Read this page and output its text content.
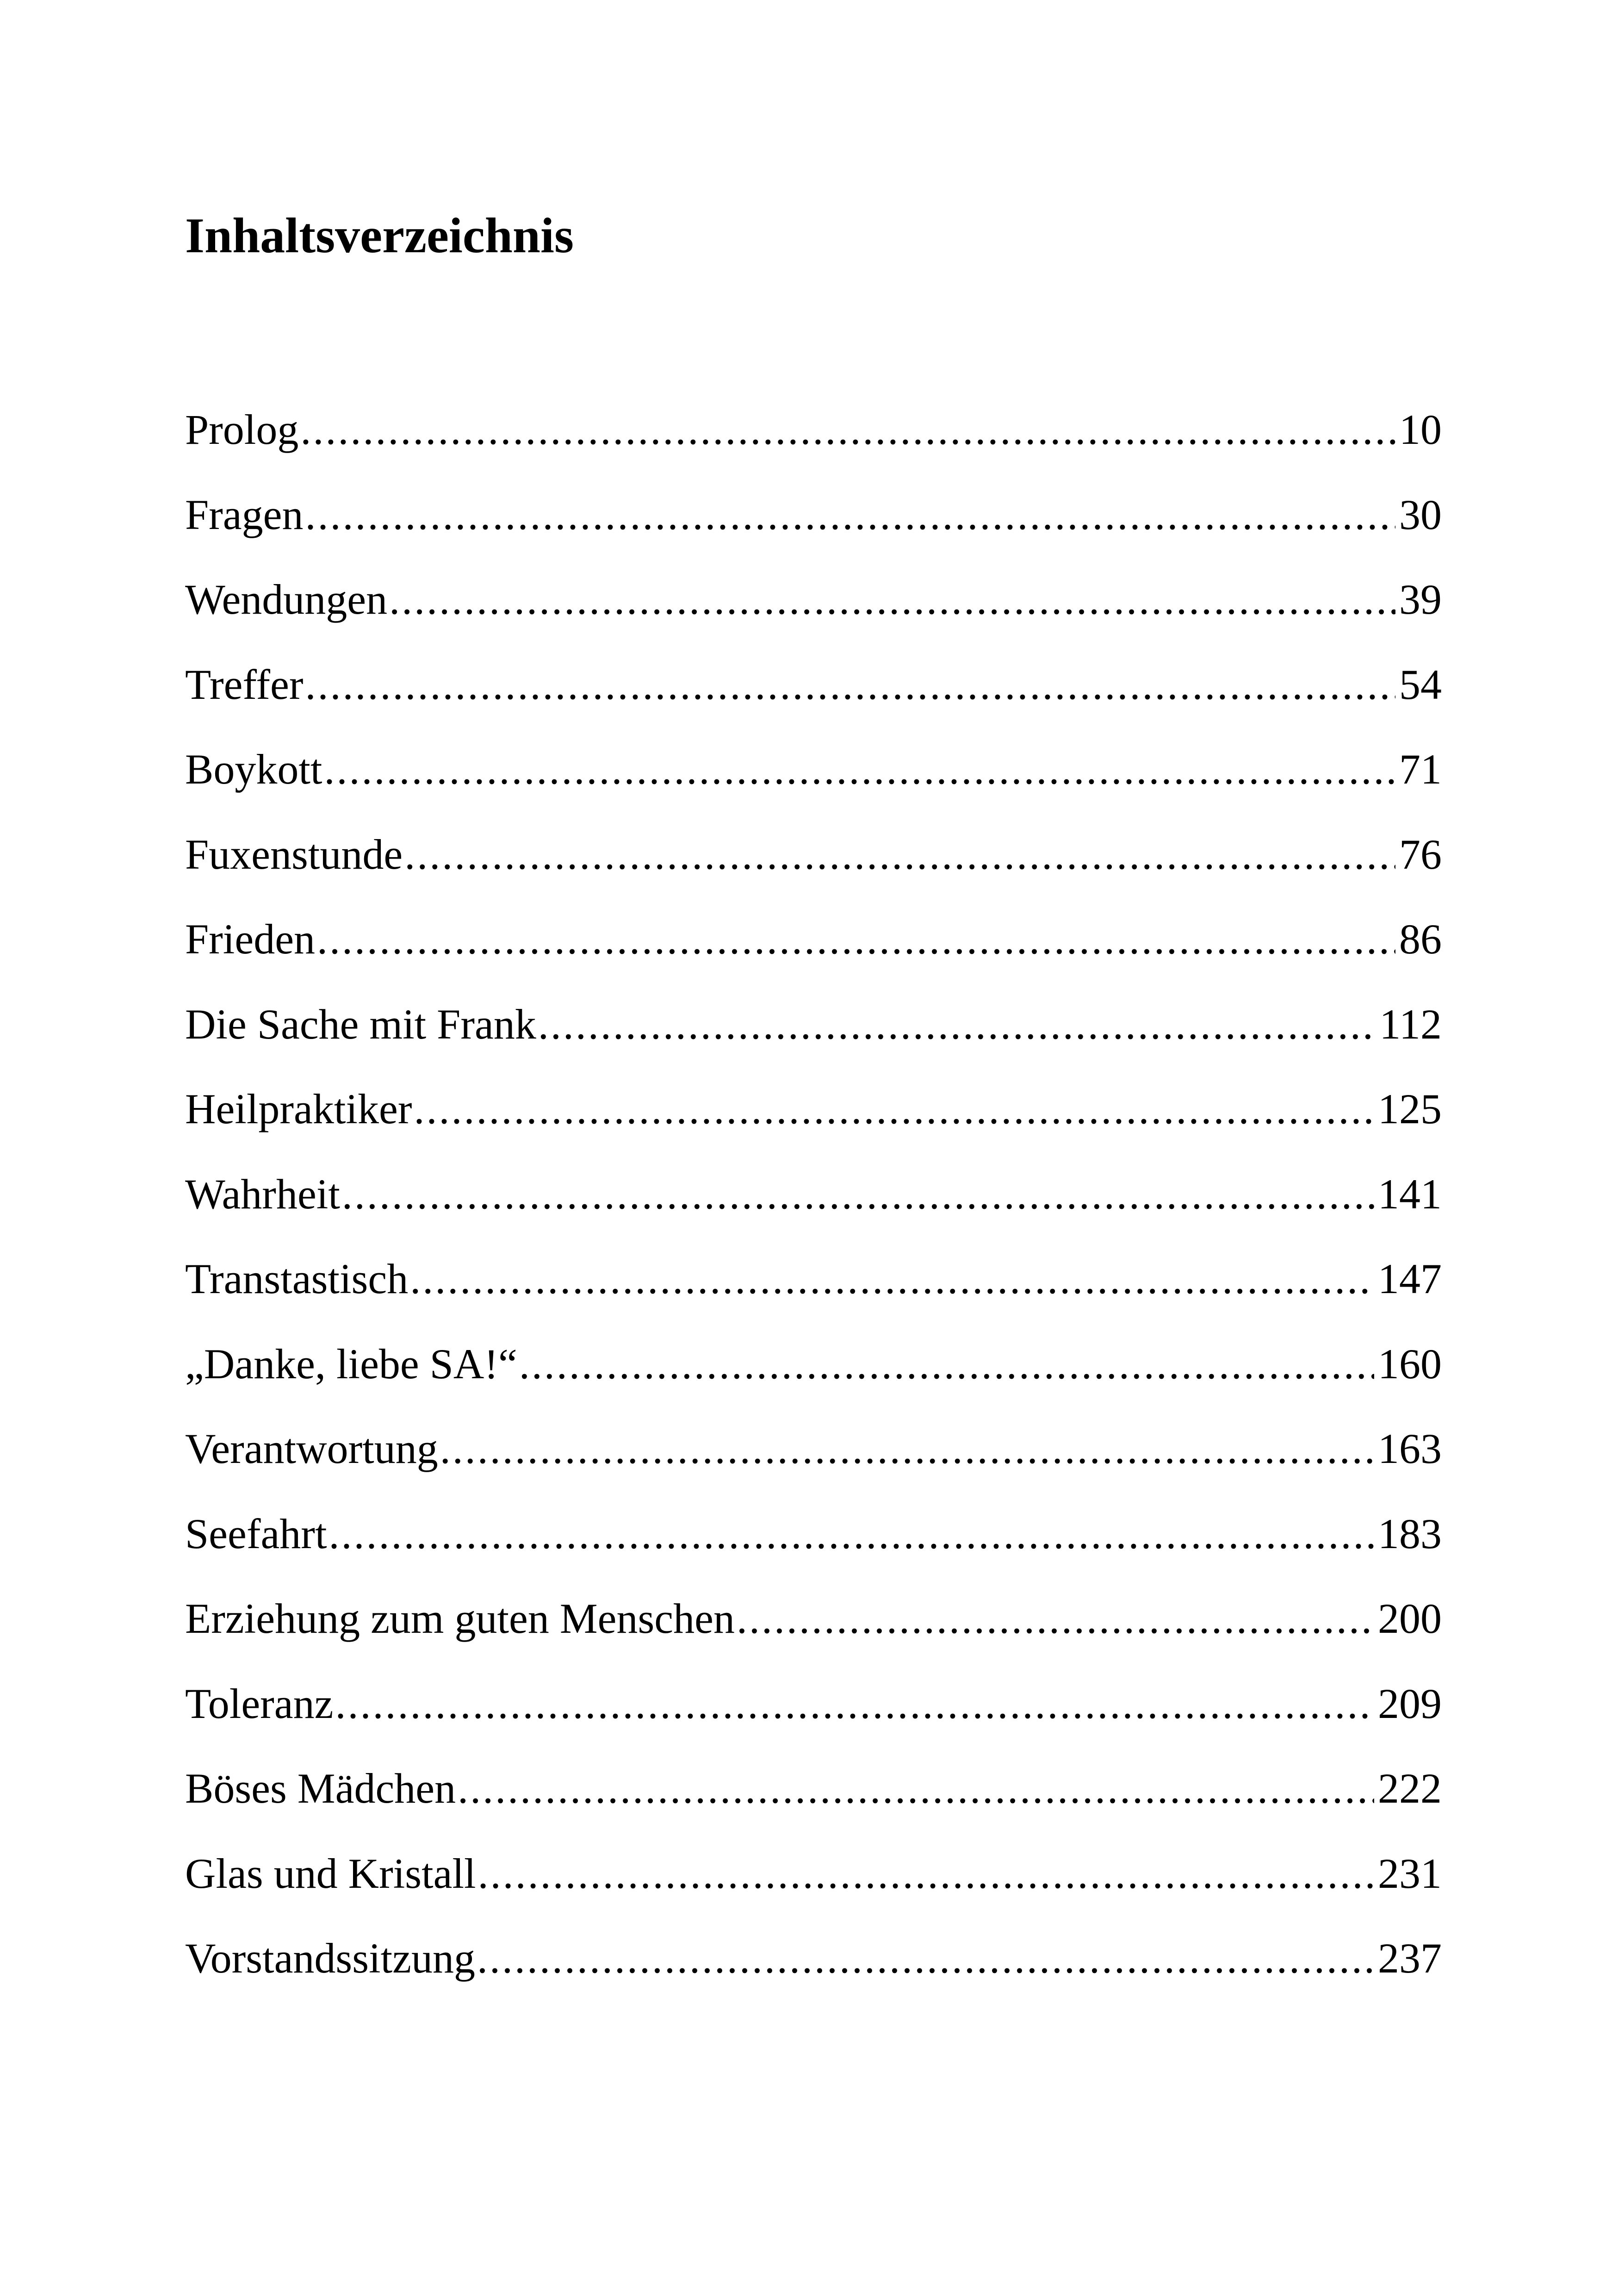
Inhaltsverzeichnis
Prolog .....	10
Fragen .....	30
Wendungen .....	39
Treffer .....	54
Boykott .....	71
Fuxenstunde .....	76
Frieden .....	86
Die Sache mit Frank .....	112
Heilpraktiker .....	125
Wahrheit .....	141
Transtastisch .....	147
„Danke, liebe SA!“ .....	160
Verantwortung .....	163
Seefahrt .....	183
Erziehung zum guten Menschen .....	200
Toleranz .....	209
Böses Mädchen .....	222
Glas und Kristall .....	231
Vorstandssitzung .....	237
